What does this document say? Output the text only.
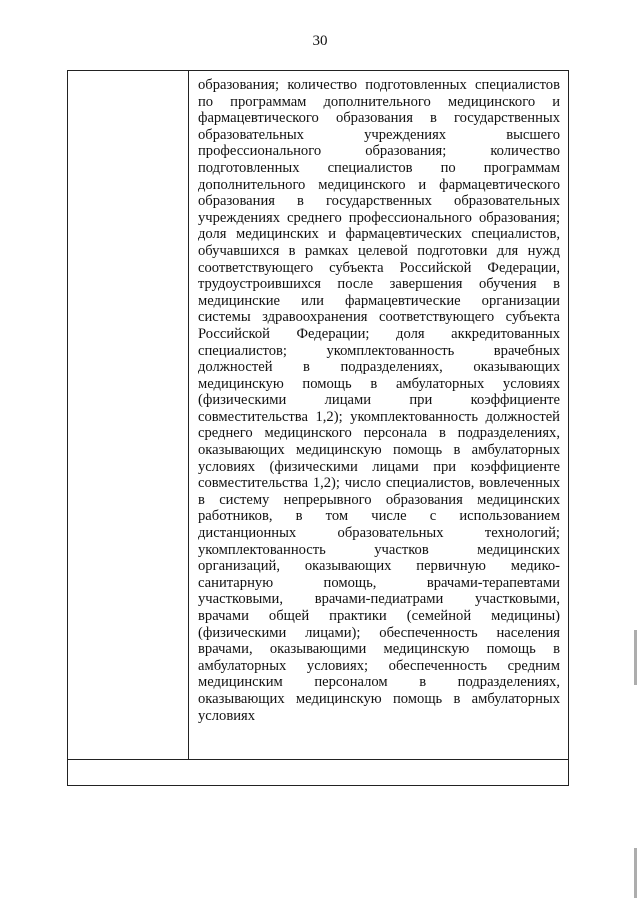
30
образования; количество подготовленных специалистов
по программам дополнительного медицинского и
фармацевтического образования в государственных
образовательных учреждениях высшего
профессионального образования; количество
подготовленных специалистов по программам
дополнительного медицинского и фармацевтического
образования в государственных образовательных
учреждениях среднего профессионального образования;
доля медицинских и фармацевтических специалистов,
обучавшихся в рамках целевой подготовки для нужд
соответствующего субъекта Российской Федерации,
трудоустроившихся после завершения обучения в
медицинские или фармацевтические организации
системы здравоохранения соответствующего субъекта
Российской Федерации; доля аккредитованных
специалистов; укомплектованность врачебных
должностей в подразделениях, оказывающих
медицинскую помощь в амбулаторных условиях
(физическими лицами при коэффициенте
совместительства 1,2); укомплектованность должностей
среднего медицинского персонала в подразделениях,
оказывающих медицинскую помощь в амбулаторных
условиях (физическими лицами при коэффициенте
совместительства 1,2); число специалистов, вовлеченных
в систему непрерывного образования медицинских
работников, в том числе с использованием
дистанционных образовательных технологий;
укомплектованность участков медицинских
организаций, оказывающих первичную медико-
санитарную помощь, врачами-терапевтами
участковыми, врачами-педиатрами участковыми,
врачами общей практики (семейной медицины)
(физическими лицами); обеспеченность населения
врачами, оказывающими медицинскую помощь в
амбулаторных условиях; обеспеченность средним
медицинским персоналом в подразделениях,
оказывающих медицинскую помощь в амбулаторных
условиях
